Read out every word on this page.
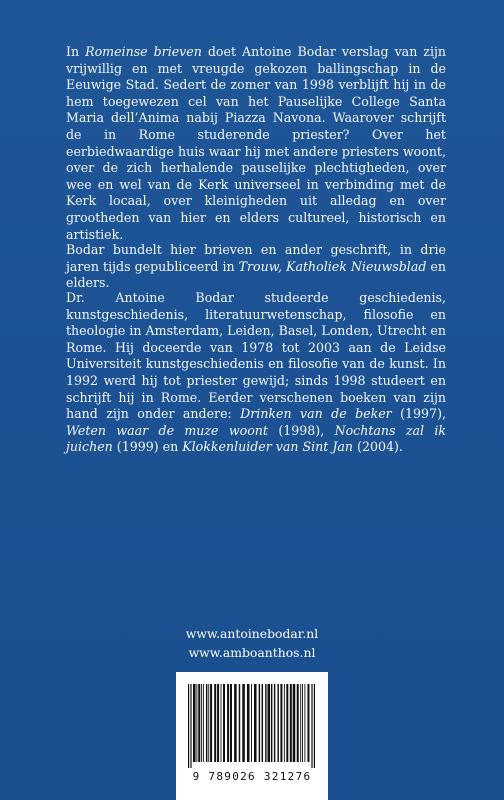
In Romeinse brieven doet Antoine Bodar verslag van zijn vrijwillig en met vreugde gekozen ballingschap in de Eeuwige Stad. Sedert de zomer van 1998 verblijft hij in de hem toegewezen cel van het Pauselijke College Santa Maria dell’Anima nabij Piazza Navona. Waarover schrijft de in Rome studerende priester? Over het eerbiedwaardige huis waar hij met andere priesters woont, over de zich herhalende pauselijke plechtigheden, over wee en wel van de Kerk universeel in verbinding met de Kerk locaal, over kleinigheden uit alledag en over grootheden van hier en elders cultureel, historisch en artistiek.

Bodar bundelt hier brieven en ander geschrift, in drie jaren tijds gepubliceerd in Trouw, Katholiek Nieuwsblad en elders.

Dr. Antoine Bodar studeerde geschiedenis, kunstgeschiedenis, literatuurwetenschap, filosofie en theologie in Amsterdam, Leiden, Basel, Londen, Utrecht en Rome. Hij doceerde van 1978 tot 2003 aan de Leidse Universiteit kunstgeschiedenis en filosofie van de kunst. In 1992 werd hij tot priester gewijd; sinds 1998 studeert en schrijft hij in Rome. Eerder verschenen boeken van zijn hand zijn onder andere: Drinken van de beker (1997), Weten waar de muze woont (1998), Nochtans zal ik juichen (1999) en Klokkenluider van Sint Jan (2004).

www.antoinebodar.nl
www.amboanthos.nl
9 789026 321276
